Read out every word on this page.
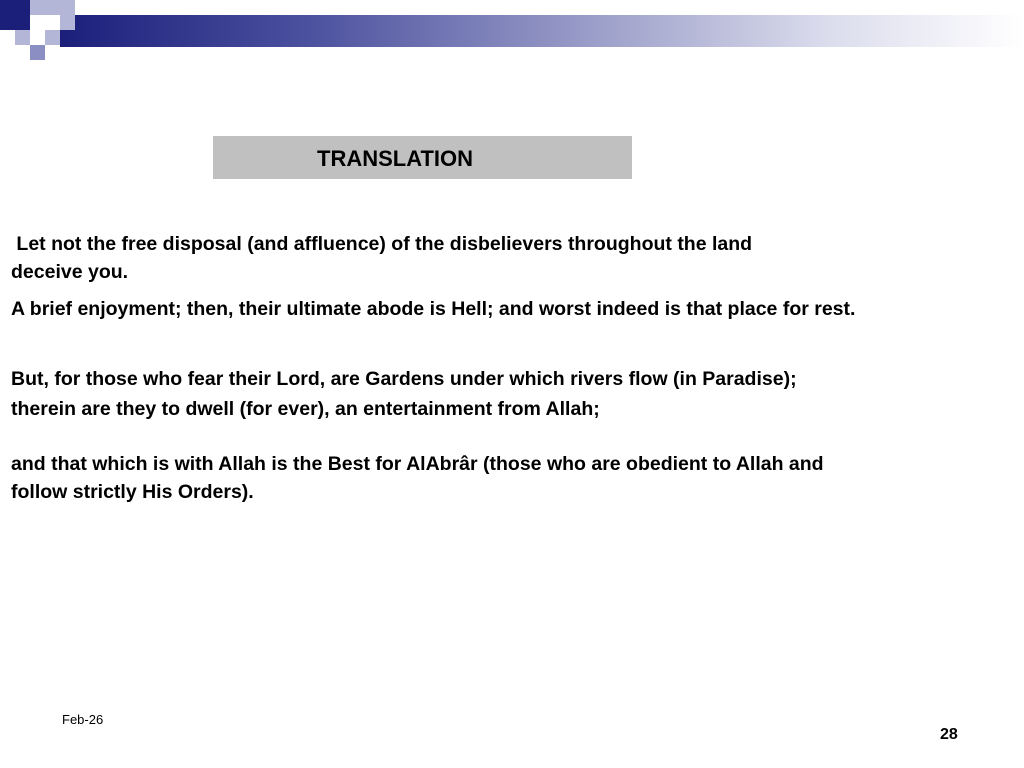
TRANSLATION
Let not the free disposal (and affluence) of the disbelievers throughout the land
deceive you.
A brief enjoyment; then, their ultimate abode is Hell; and worst indeed is that place for rest.
But, for those who fear their Lord, are Gardens under which rivers flow (in Paradise);
therein are they to dwell (for ever), an entertainment from Allah;
and that which is with Allah is the Best for AlAbrâr (those who are obedient to Allah and
follow strictly His Orders).
Feb-26
28
